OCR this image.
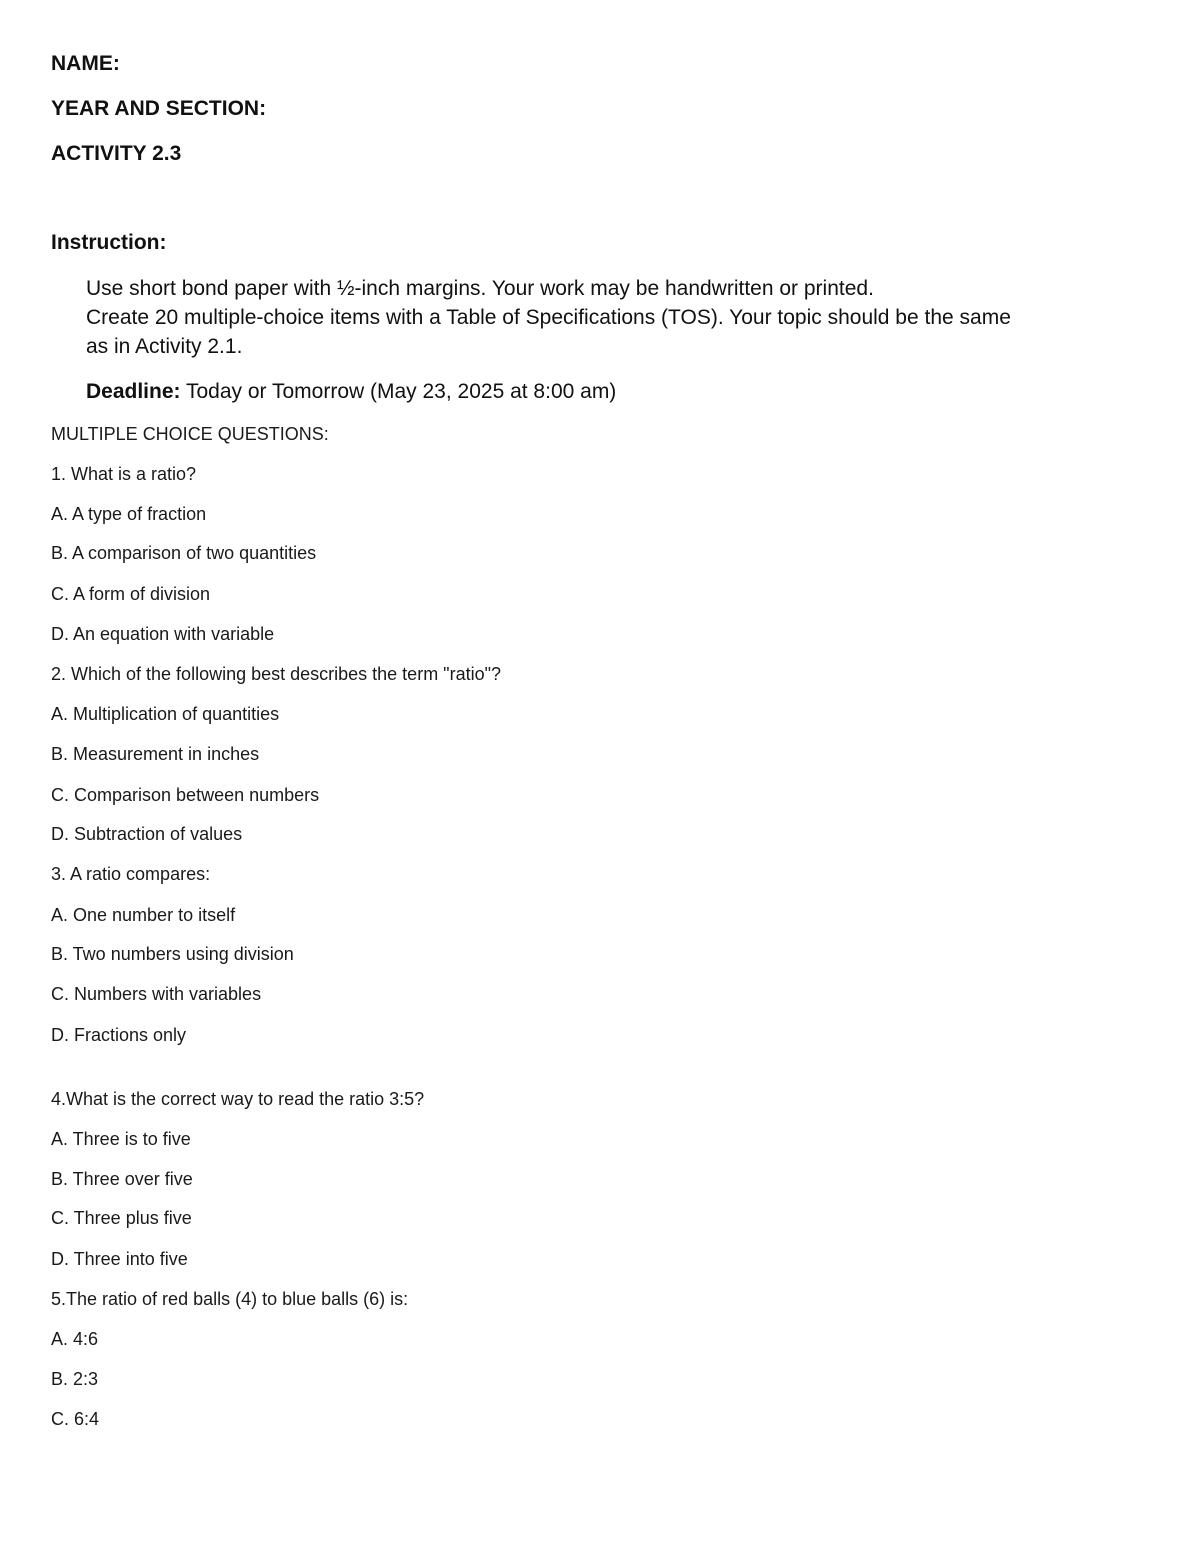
NAME:
YEAR AND SECTION:
ACTIVITY 2.3
Instruction:
Use short bond paper with ½-inch margins. Your work may be handwritten or printed.
Create 20 multiple-choice items with a Table of Specifications (TOS). Your topic should be the same
as in Activity 2.1.
Deadline: Today or Tomorrow (May 23, 2025 at 8:00 am)
MULTIPLE CHOICE QUESTIONS:
1. What is a ratio?
A. A type of fraction
B. A comparison of two quantities
C. A form of division
D. An equation with variable
2. Which of the following best describes the term "ratio"?
A. Multiplication of quantities
B. Measurement in inches
C. Comparison between numbers
D. Subtraction of values
3. A ratio compares:
A. One number to itself
B. Two numbers using division
C. Numbers with variables
D. Fractions only
4.What is the correct way to read the ratio 3:5?
A. Three is to five
B. Three over five
C. Three plus five
D. Three into five
5.The ratio of red balls (4) to blue balls (6) is:
A. 4:6
B. 2:3
C. 6:4
